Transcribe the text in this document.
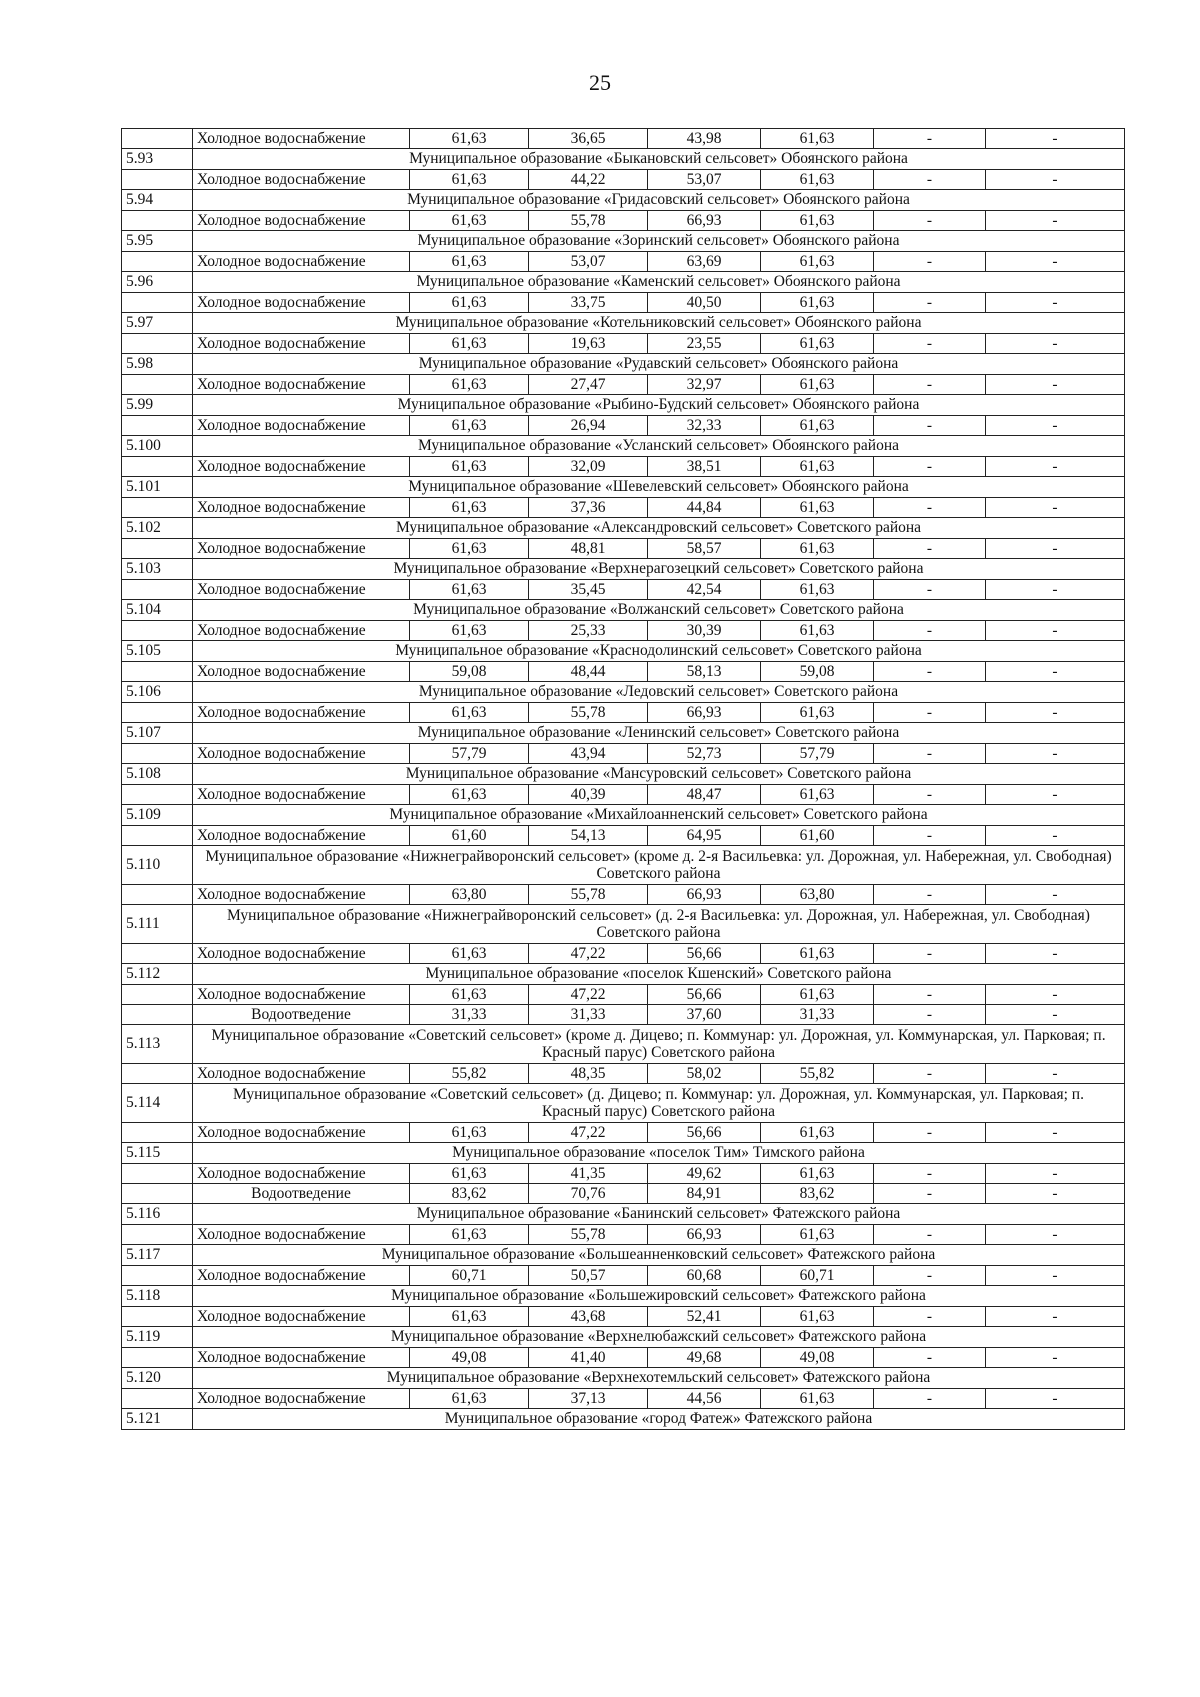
25
	Холодное водоснабжение	61,63	36,65	43,98	61,63	-	-
5.93	Муниципальное образование «Быкановский сельсовет» Обоянского района						
	Холодное водоснабжение	61,63	44,22	53,07	61,63	-	-
5.94	Муниципальное образование «Гридасовский сельсовет» Обоянского района						
	Холодное водоснабжение	61,63	55,78	66,93	61,63	-	-
5.95	Муниципальное образование «Зоринский сельсовет» Обоянского района						
	Холодное водоснабжение	61,63	53,07	63,69	61,63	-	-
5.96	Муниципальное образование «Каменский сельсовет» Обоянского района						
	Холодное водоснабжение	61,63	33,75	40,50	61,63	-	-
5.97	Муниципальное образование «Котельниковский сельсовет» Обоянского района						
	Холодное водоснабжение	61,63	19,63	23,55	61,63	-	-
5.98	Муниципальное образование «Рудавский сельсовет» Обоянского района						
	Холодное водоснабжение	61,63	27,47	32,97	61,63	-	-
5.99	Муниципальное образование «Рыбино-Будский сельсовет» Обоянского района						
	Холодное водоснабжение	61,63	26,94	32,33	61,63	-	-
5.100	Муниципальное образование «Усланский сельсовет» Обоянского района						
	Холодное водоснабжение	61,63	32,09	38,51	61,63	-	-
5.101	Муниципальное образование «Шевелевский сельсовет» Обоянского района						
	Холодное водоснабжение	61,63	37,36	44,84	61,63	-	-
5.102	Муниципальное образование «Александровский сельсовет» Советского района						
	Холодное водоснабжение	61,63	48,81	58,57	61,63	-	-
5.103	Муниципальное образование «Верхнерагозецкий сельсовет» Советского района						
	Холодное водоснабжение	61,63	35,45	42,54	61,63	-	-
5.104	Муниципальное образование «Волжанский сельсовет» Советского района						
	Холодное водоснабжение	61,63	25,33	30,39	61,63	-	-
5.105	Муниципальное образование «Краснодолинский сельсовет» Советского района						
	Холодное водоснабжение	59,08	48,44	58,13	59,08	-	-
5.106	Муниципальное образование «Ледовский сельсовет» Советского района						
	Холодное водоснабжение	61,63	55,78	66,93	61,63	-	-
5.107	Муниципальное образование «Ленинский сельсовет» Советского района						
	Холодное водоснабжение	57,79	43,94	52,73	57,79	-	-
5.108	Муниципальное образование «Мансуровский сельсовет» Советского района						
	Холодное водоснабжение	61,63	40,39	48,47	61,63	-	-
5.109	Муниципальное образование «Михайлоанненский сельсовет» Советского района						
	Холодное водоснабжение	61,60	54,13	64,95	61,60	-	-
5.110	Муниципальное образование «Нижнеграйворонский сельсовет» (кроме д. 2-я Васильевка: ул. Дорожная, ул. Набережная, ул. Свободная) Советского района						
	Холодное водоснабжение	63,80	55,78	66,93	63,80	-	-
5.111	Муниципальное образование «Нижнеграйворонский сельсовет» (д. 2-я Васильевка: ул. Дорожная, ул. Набережная, ул. Свободная) Советского района						
	Холодное водоснабжение	61,63	47,22	56,66	61,63	-	-
5.112	Муниципальное образование «поселок Кшенский» Советского района						
	Холодное водоснабжение	61,63	47,22	56,66	61,63	-	-
	Водоотведение	31,33	31,33	37,60	31,33	-	-
5.113	Муниципальное образование «Советский сельсовет» (кроме д. Дицево; п. Коммунар: ул. Дорожная, ул. Коммунарская, ул. Парковая; п. Красный парус) Советского района						
	Холодное водоснабжение	55,82	48,35	58,02	55,82	-	-
5.114	Муниципальное образование «Советский сельсовет» (д. Дицево; п. Коммунар: ул. Дорожная, ул. Коммунарская, ул. Парковая; п. Красный парус) Советского района						
	Холодное водоснабжение	61,63	47,22	56,66	61,63	-	-
5.115	Муниципальное образование «поселок Тим» Тимского района						
	Холодное водоснабжение	61,63	41,35	49,62	61,63	-	-
	Водоотведение	83,62	70,76	84,91	83,62	-	-
5.116	Муниципальное образование «Банинский сельсовет» Фатежского района						
	Холодное водоснабжение	61,63	55,78	66,93	61,63	-	-
5.117	Муниципальное образование «Большеанненковский сельсовет» Фатежского района						
	Холодное водоснабжение	60,71	50,57	60,68	60,71	-	-
5.118	Муниципальное образование «Большежировский сельсовет» Фатежского района						
	Холодное водоснабжение	61,63	43,68	52,41	61,63	-	-
5.119	Муниципальное образование «Верхнелюбажский сельсовет» Фатежского района						
	Холодное водоснабжение	49,08	41,40	49,68	49,08	-	-
5.120	Муниципальное образование «Верхнехотемльский сельсовет» Фатежского района						
	Холодное водоснабжение	61,63	37,13	44,56	61,63	-	-
5.121	Муниципальное образование «город Фатеж» Фатежского района						
